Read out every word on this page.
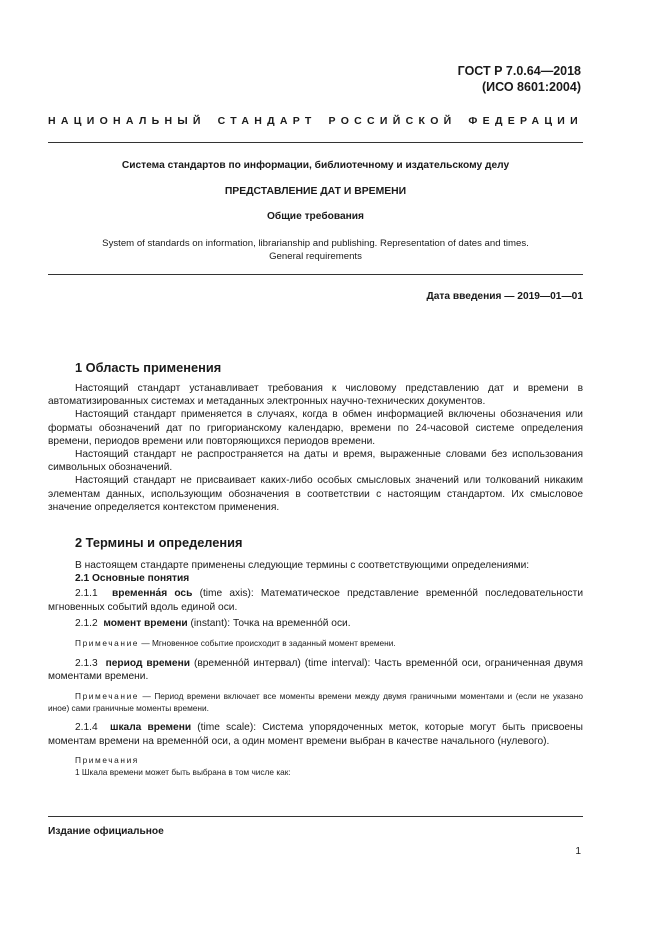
ГОСТ Р 7.0.64—2018
(ИСО 8601:2004)
НАЦИОНАЛЬНЫЙ СТАНДАРТ РОССИЙСКОЙ ФЕДЕРАЦИИ
Система стандартов по информации, библиотечному и издательскому делу
ПРЕДСТАВЛЕНИЕ ДАТ И ВРЕМЕНИ
Общие требования
System of standards on information, librarianship and publishing. Representation of dates and times.
General requirements
Дата введения — 2019—01—01
1 Область применения
Настоящий стандарт устанавливает требования к числовому представлению дат и времени в автоматизированных системах и метаданных электронных научно-технических документов.
Настоящий стандарт применяется в случаях, когда в обмен информацией включены обозначения или форматы обозначений дат по григорианскому календарю, времени по 24-часовой системе определения времени, периодов времени или повторяющихся периодов времени.
Настоящий стандарт не распространяется на даты и время, выраженные словами без использования символьных обозначений.
Настоящий стандарт не присваивает каких-либо особых смысловых значений или толкований никаким элементам данных, использующим обозначения в соответствии с настоящим стандартом. Их смысловое значение определяется контекстом применения.
2 Термины и определения
В настоящем стандарте применены следующие термины с соответствующими определениями:
2.1 Основные понятия
2.1.1 временна́я ось (time axis): Математическое представление временно́й последовательности мгновенных событий вдоль единой оси.
2.1.2 момент времени (instant): Точка на временно́й оси.
Примечание — Мгновенное событие происходит в заданный момент времени.
2.1.3 период времени (временно́й интервал) (time interval): Часть временно́й оси, ограниченная двумя моментами времени.
Примечание — Период времени включает все моменты времени между двумя граничными моментами и (если не указано иное) сами граничные моменты времени.
2.1.4 шкала времени (time scale): Система упорядоченных меток, которые могут быть присвоены моментам времени на временно́й оси, а один момент времени выбран в качестве начального (нулевого).
Примечания
1 Шкала времени может быть выбрана в том числе как:
Издание официальное
1
